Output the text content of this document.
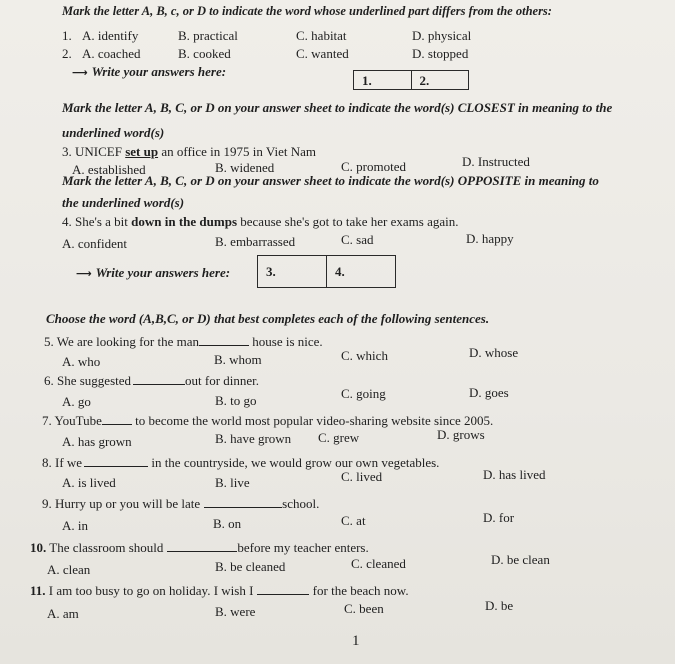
Mark the letter A, B, c, or D to indicate the word whose underlined part differs from the others:
1. A. identify	B. practical	C. habitat	D. physical
2. A. coached	B. cooked	C. wanted	D. stopped
⟶ Write your answers here:
1.	2.
Mark the letter A, B, C, or D on your answer sheet to indicate the word(s) CLOSEST in meaning to the
underlined word(s)
3. UNICEF set up an office in 1975 in Viet Nam
A. established	B. widened	C. promoted	D. Instructed
Mark the letter A, B, C, or D on your answer sheet to indicate the word(s) OPPOSITE in meaning to
the underlined word(s)
4. She's a bit down in the dumps because she's got to take her exams again.
A. confident	B. embarrassed	C. sad	D. happy
⟶ Write your answers here:	3.	4.
Choose the word (A,B,C, or D) that best completes each of the following sentences.
5. We are looking for the man	house is nice.
A. who	B. whom	C. which	D. whose
6. She suggested	out for dinner.
A. go	B. to go	C. going	D. goes
7. YouTube	to become the world most popular video-sharing website since 2005.
A. has grown	B. have grown C. grew	D. grows
8. If we	in the countryside, we would grow our own vegetables.
A. is lived	B. live	C. lived	D. has lived
9. Hurry up or you will be late	school.
A. in	B. on	C. at	D. for
10. The classroom should	before my teacher enters.
A. clean	B. be cleaned	C. cleaned	D. be clean
11. I am too busy to go on holiday. I wish I	for the beach now.
A. am	B. were	C. been	D. be
1
